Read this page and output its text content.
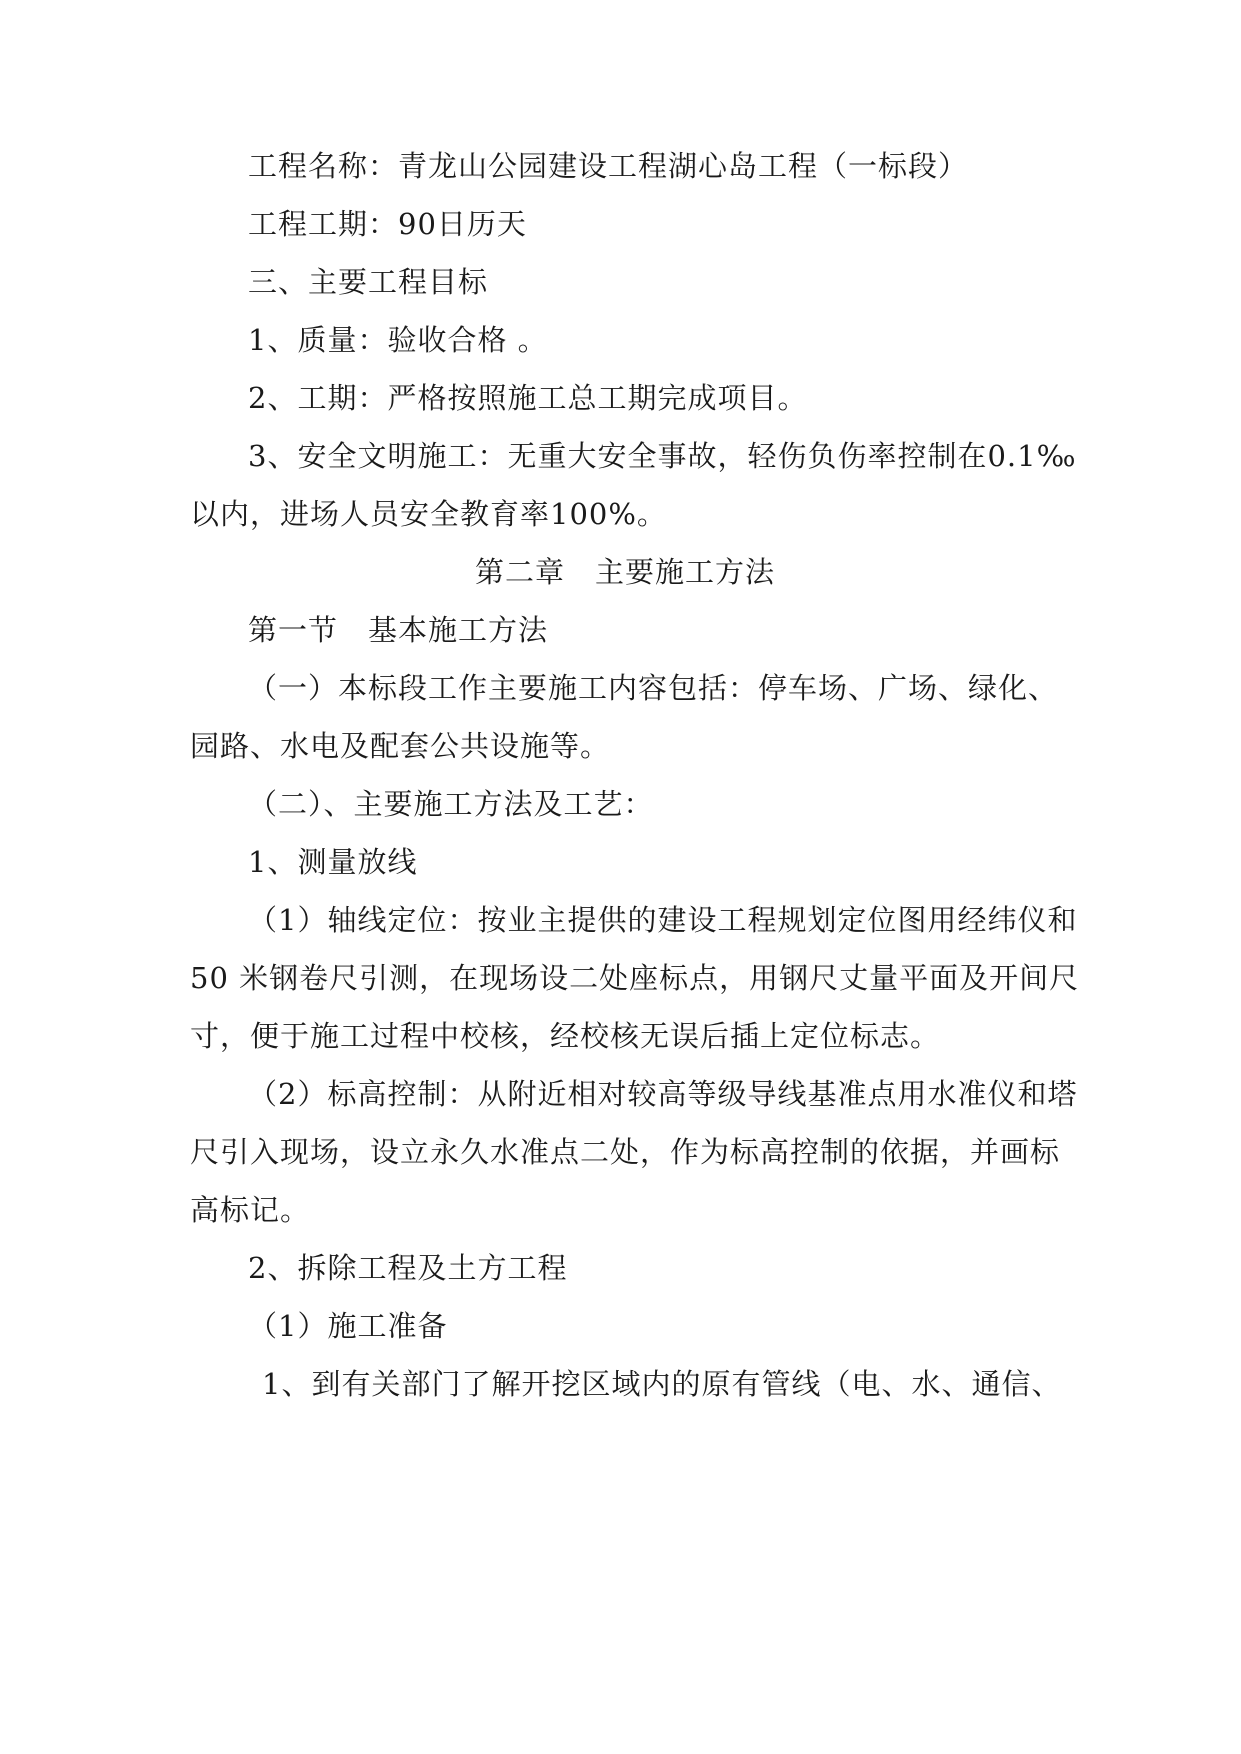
工程名称：青龙山公园建设工程湖心岛工程（一标段）
工程工期：90日历天
三、主要工程目标
1、质量：验收合格 。
2、工期：严格按照施工总工期完成项目。
3、安全文明施工：无重大安全事故，轻伤负伤率控制在0.1‰
以内，进场人员安全教育率100%。
第二章　主要施工方法
第一节　基本施工方法
（一）本标段工作主要施工内容包括：停车场、广场、绿化、
园路、水电及配套公共设施等。
（二）、主要施工方法及工艺：
1、测量放线
（1）轴线定位：按业主提供的建设工程规划定位图用经纬仪和
50 米钢卷尺引测，在现场设二处座标点，用钢尺丈量平面及开间尺
寸，便于施工过程中校核，经校核无误后插上定位标志。
（2）标高控制：从附近相对较高等级导线基准点用水准仪和塔
尺引入现场，设立永久水准点二处，作为标高控制的依据，并画标
高标记。
2、拆除工程及土方工程
（1）施工准备
1、到有关部门了解开挖区域内的原有管线（电、水、通信、
